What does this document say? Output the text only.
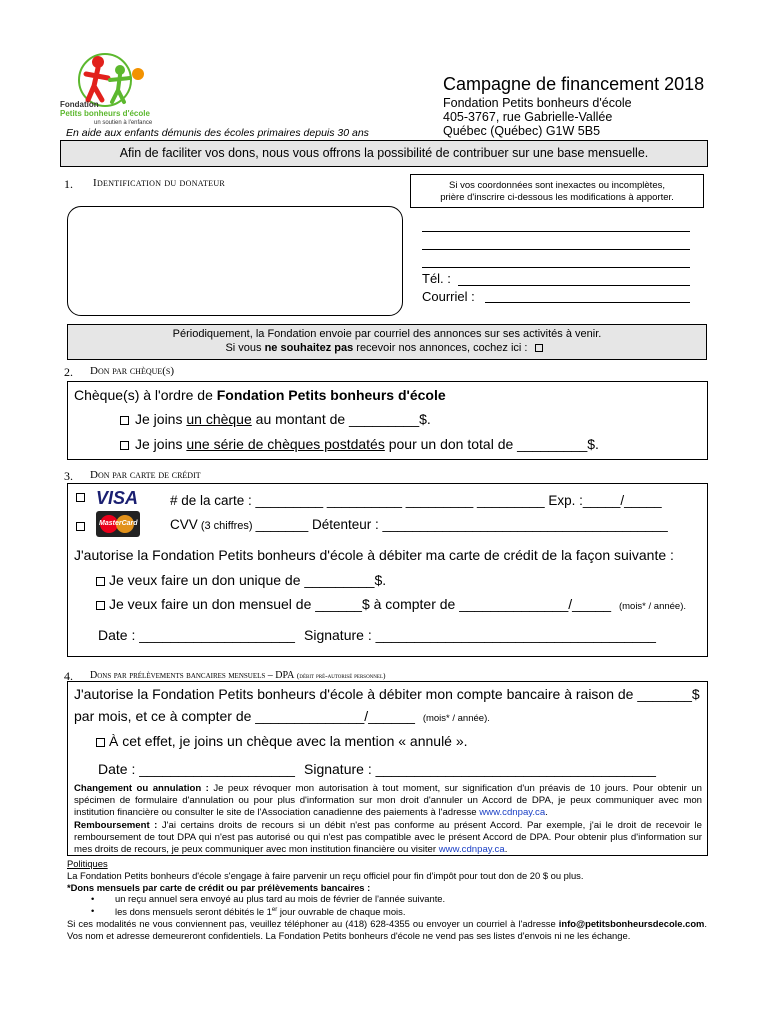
Fondation
Petits bonheurs d'école
un soutien à l'enfance
En aide aux enfants démunis des écoles primaires depuis 30 ans
Campagne de financement 2018
Fondation Petits bonheurs d'école
405-3767, rue Gabrielle-Vallée
Québec (Québec) G1W 5B5
Afin de faciliter vos dons, nous vous offrons la possibilité de contribuer sur une base mensuelle.
1. Identification du donateur	Si vos coordonnées sont inexactes ou incomplètes,
prière d'inscrire ci-dessous les modifications à apporter.
Tél. :
Courriel :
Périodiquement, la Fondation envoie par courriel des annonces sur ses activités à venir.
Si vous ne souhaitez pas recevoir nos annonces, cochez ici :
2. Don par chèque(s)
Chèque(s) à l'ordre de Fondation Petits bonheurs d'école
Je joins un chèque au montant de _________$.
Je joins une série de chèques postdatés pour un don total de _________$.
3. Don par carte de crédit
VISA
MasterCard
# de la carte : _________ __________ _________ _________ Exp. :_____/_____
CVV (3 chiffres) _______ Détenteur : ______________________________________
J'autorise la Fondation Petits bonheurs d'école à débiter ma carte de crédit de la façon suivante :
Je veux faire un don unique de _________$.
Je veux faire un don mensuel de ______$ à compter de ______________/_____ (mois* / année).
Date : ____________________ Signature : ____________________________________
4. Dons par prélèvements bancaires mensuels – DPA (débit pré-autorisé personnel)
J'autorise la Fondation Petits bonheurs d'école à débiter mon compte bancaire à raison de _______$
par mois, et ce à compter de ______________/______ (mois* / année).
À cet effet, je joins un chèque avec la mention « annulé ».
Date : ____________________ Signature : ____________________________________
Changement ou annulation : Je peux révoquer mon autorisation à tout moment, sur signification d'un préavis de 10 jours. Pour obtenir un spécimen de formulaire d'annulation ou pour plus d'information sur mon droit d'annuler un Accord de DPA, je peux communiquer avec mon institution financière ou consulter le site de l'Association canadienne des paiements à l'adresse www.cdnpay.ca.
Remboursement : J'ai certains droits de recours si un débit n'est pas conforme au présent Accord. Par exemple, j'ai le droit de recevoir le remboursement de tout DPA qui n'est pas autorisé ou qui n'est pas compatible avec le présent Accord de DPA. Pour obtenir plus d'information sur mes droits de recours, je peux communiquer avec mon institution financière ou visiter www.cdnpay.ca.
Politiques
La Fondation Petits bonheurs d'école s'engage à faire parvenir un reçu officiel pour fin d'impôt pour tout don de 20 $ ou plus.
*Dons mensuels par carte de crédit ou par prélèvements bancaires :
• un reçu annuel sera envoyé au plus tard au mois de février de l'année suivante.
• les dons mensuels seront débités le 1er jour ouvrable de chaque mois.
Si ces modalités ne vous conviennent pas, veuillez téléphoner au (418) 628-4355 ou envoyer un courriel à l'adresse info@petitsbonheursdecole.com. Vos nom et adresse demeureront confidentiels. La Fondation Petits bonheurs d'école ne vend pas ses listes d'envois ni ne les échange.
